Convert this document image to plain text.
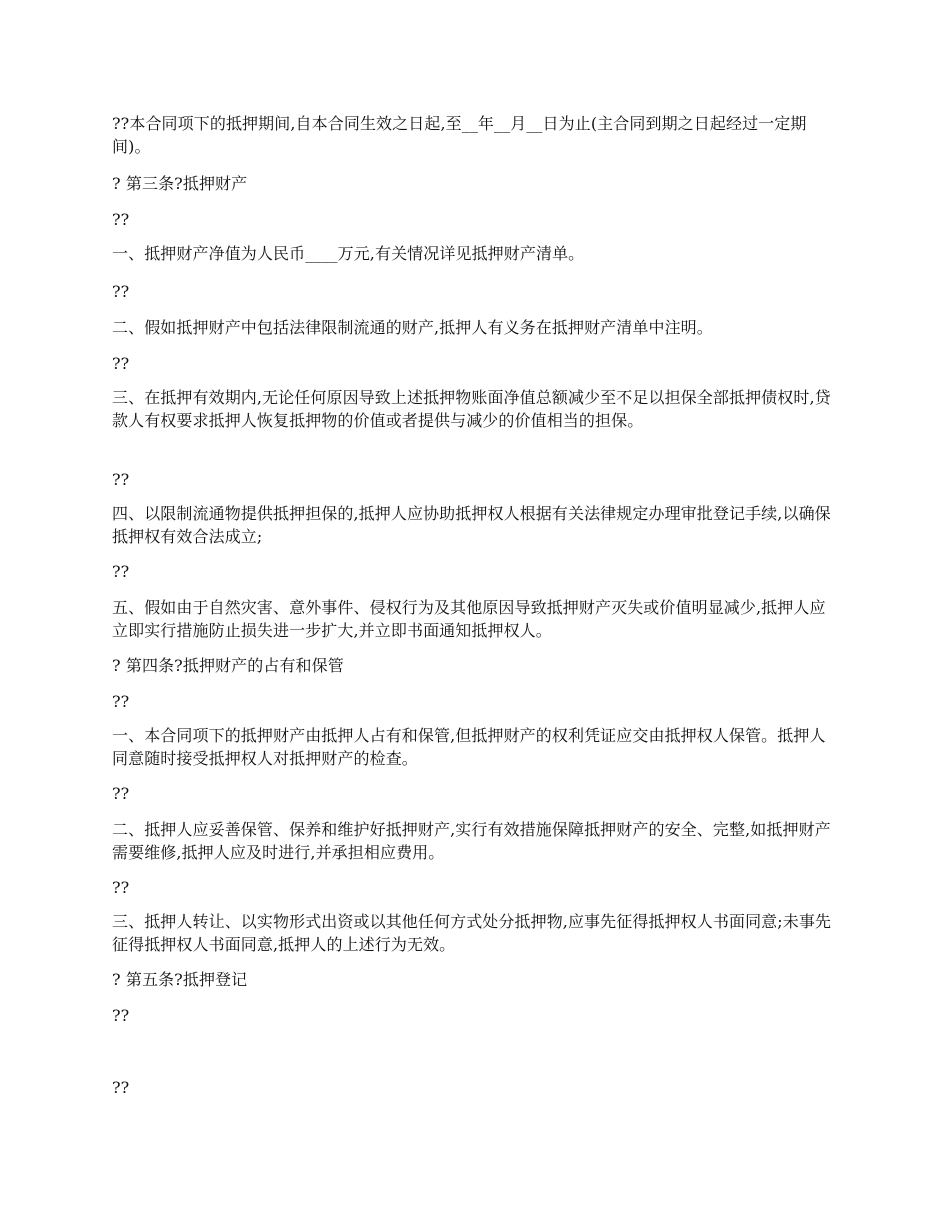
??本合同项下的抵押期间,自本合同生效之日起,至__年__月__日为止(主合同到期之日起经过一定期间)。
? 第三条?抵押财产
??
一、抵押财产净值为人民币____万元,有关情况详见抵押财产清单。
??
二、假如抵押财产中包括法律限制流通的财产,抵押人有义务在抵押财产清单中注明。
??
三、在抵押有效期内,无论任何原因导致上述抵押物账面净值总额减少至不足以担保全部抵押债权时,贷款人有权要求抵押人恢复抵押物的价值或者提供与减少的价值相当的担保。
??
四、以限制流通物提供抵押担保的,抵押人应协助抵押权人根据有关法律规定办理审批登记手续,以确保抵押权有效合法成立;
??
五、假如由于自然灾害、意外事件、侵权行为及其他原因导致抵押财产灭失或价值明显减少,抵押人应立即实行措施防止损失进一步扩大,并立即书面通知抵押权人。
? 第四条?抵押财产的占有和保管
??
一、本合同项下的抵押财产由抵押人占有和保管,但抵押财产的权利凭证应交由抵押权人保管。抵押人同意随时接受抵押权人对抵押财产的检查。
??
二、抵押人应妥善保管、保养和维护好抵押财产,实行有效措施保障抵押财产的安全、完整,如抵押财产需要维修,抵押人应及时进行,并承担相应费用。
??
三、抵押人转让、以实物形式出资或以其他任何方式处分抵押物,应事先征得抵押权人书面同意;未事先征得抵押权人书面同意,抵押人的上述行为无效。
? 第五条?抵押登记
??
??
